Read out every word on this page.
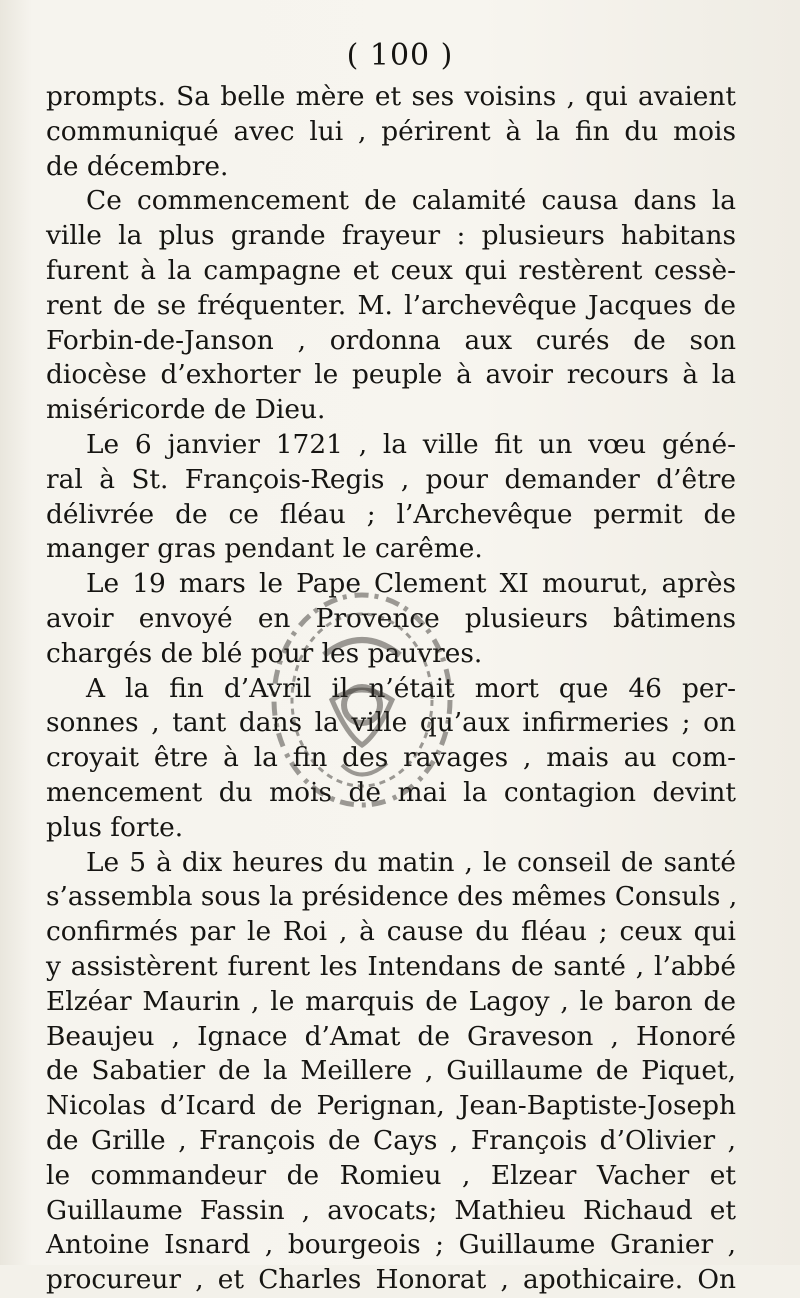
( 100 )
prompts. Sa belle mère et ses voisins , qui avaient
communiqué avec lui , périrent à la fin du mois
de décembre.
Ce commencement de calamité causa dans la
ville la plus grande frayeur : plusieurs habitans
furent à la campagne et ceux qui restèrent cessè-
rent de se fréquenter. M. l’archevêque Jacques de
Forbin-de-Janson , ordonna aux curés de son
diocèse d’exhorter le peuple à avoir recours à la
miséricorde de Dieu.
Le 6 janvier 1721 , la ville fit un vœu géné-
ral à St. François-Regis , pour demander d’être
délivrée de ce fléau ; l’Archevêque permit de
manger gras pendant le carême.
Le 19 mars le Pape Clement XI mourut, après
avoir envoyé en Provence plusieurs bâtimens
chargés de blé pour les pauvres.
A la fin d’Avril il n’était mort que 46 per-
sonnes , tant dans la ville qu’aux infirmeries ; on
croyait être à la fin des ravages , mais au com-
mencement du mois de mai la contagion devint
plus forte.
Le 5 à dix heures du matin , le conseil de santé
s’assembla sous la présidence des mêmes Consuls ,
confirmés par le Roi , à cause du fléau ; ceux qui
y assistèrent furent les Intendans de santé , l’abbé
Elzéar Maurin , le marquis de Lagoy , le baron de
Beaujeu , Ignace d’Amat de Graveson , Honoré
de Sabatier de la Meillere , Guillaume de Piquet,
Nicolas d’Icard de Perignan, Jean-Baptiste-Joseph
de Grille , François de Cays , François d’Olivier ,
le commandeur de Romieu , Elzear Vacher et
Guillaume Fassin , avocats; Mathieu Richaud et
Antoine Isnard , bourgeois ; Guillaume Granier ,
procureur , et Charles Honorat , apothicaire. On
